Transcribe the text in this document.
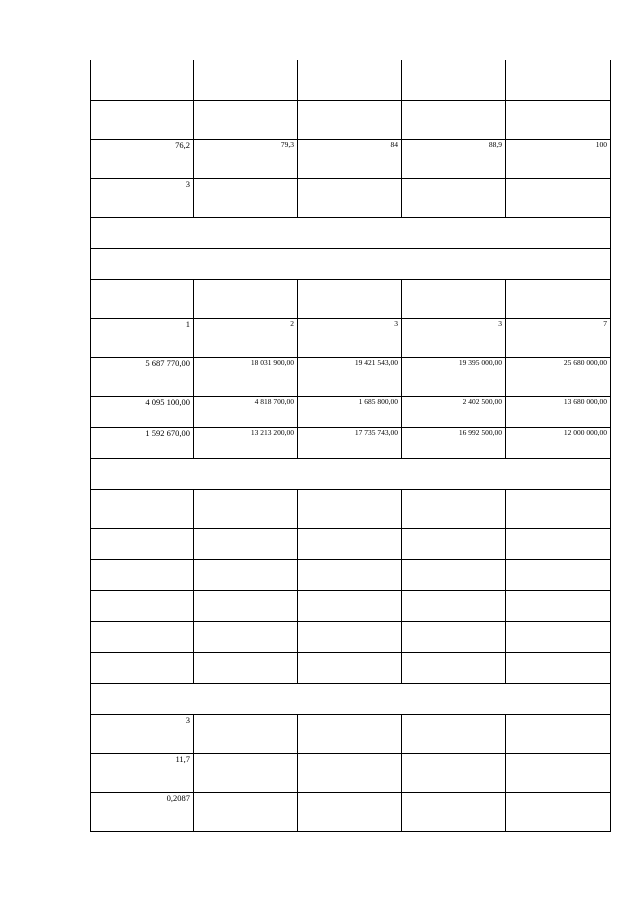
76,2	79,3	84	88,9	100
3				

1	2	3	3	7
5 687 770,00	18 031 900,00	19 421 543,00	19 395 000,00	25 680 000,00
4 095 100,00	4 818 700,00	1 685 800,00	2 402 500,00	13 680 000,00
1 592 670,00	13 213 200,00	17 735 743,00	16 992 500,00	12 000 000,00

3				
11,7				
0,2087				
